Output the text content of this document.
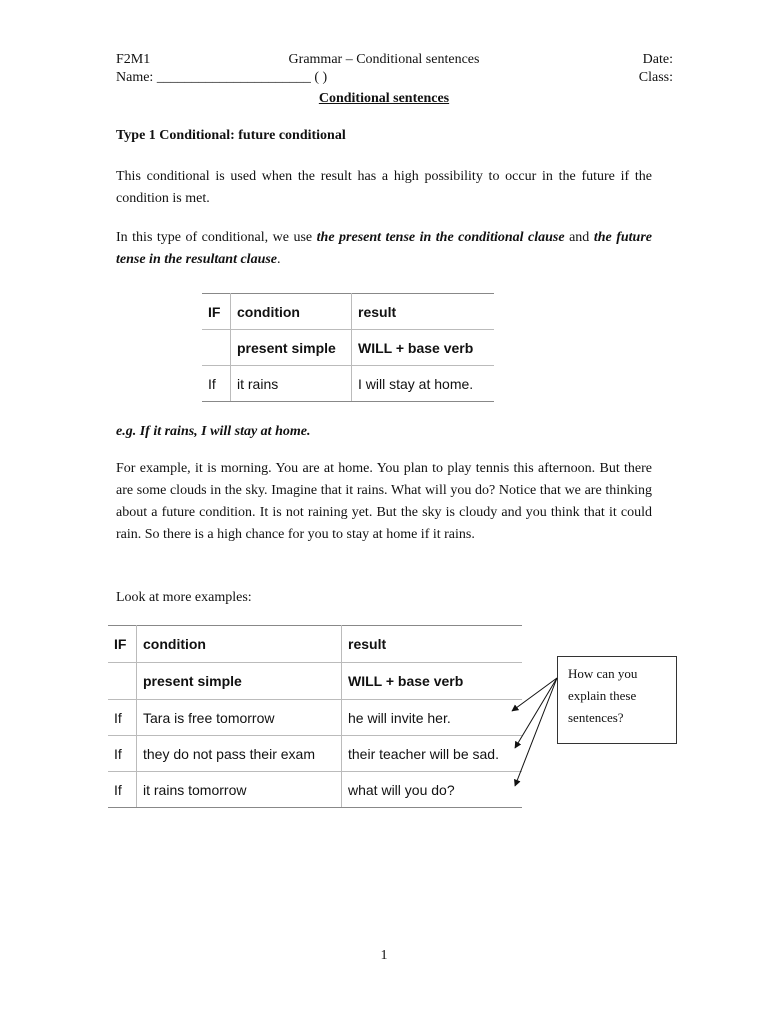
F2M1	Grammar – Conditional sentences	Date:
Name: ______________________ ( )	Class:
Conditional sentences
Type 1 Conditional: future conditional

This conditional is used when the result has a high possibility to occur in the future if the condition is met.

In this type of conditional, we use the present tense in the conditional clause and the future tense in the resultant clause.

IF	condition	result
	present simple	WILL + base verb
If	it rains	I will stay at home.
e.g. If it rains, I will stay at home.

For example, it is morning. You are at home. You plan to play tennis this afternoon. But there are some clouds in the sky. Imagine that it rains. What will you do? Notice that we are thinking about a future condition. It is not raining yet. But the sky is cloudy and you think that it could rain. So there is a high chance for you to stay at home if it rains.

Look at more examples:
IF	condition	result
	present simple	WILL + base verb
If	Tara is free tomorrow	he will invite her.
If	they do not pass their exam	their teacher will be sad.
If	it rains tomorrow	what will you do?
How can you explain these sentences?
1
